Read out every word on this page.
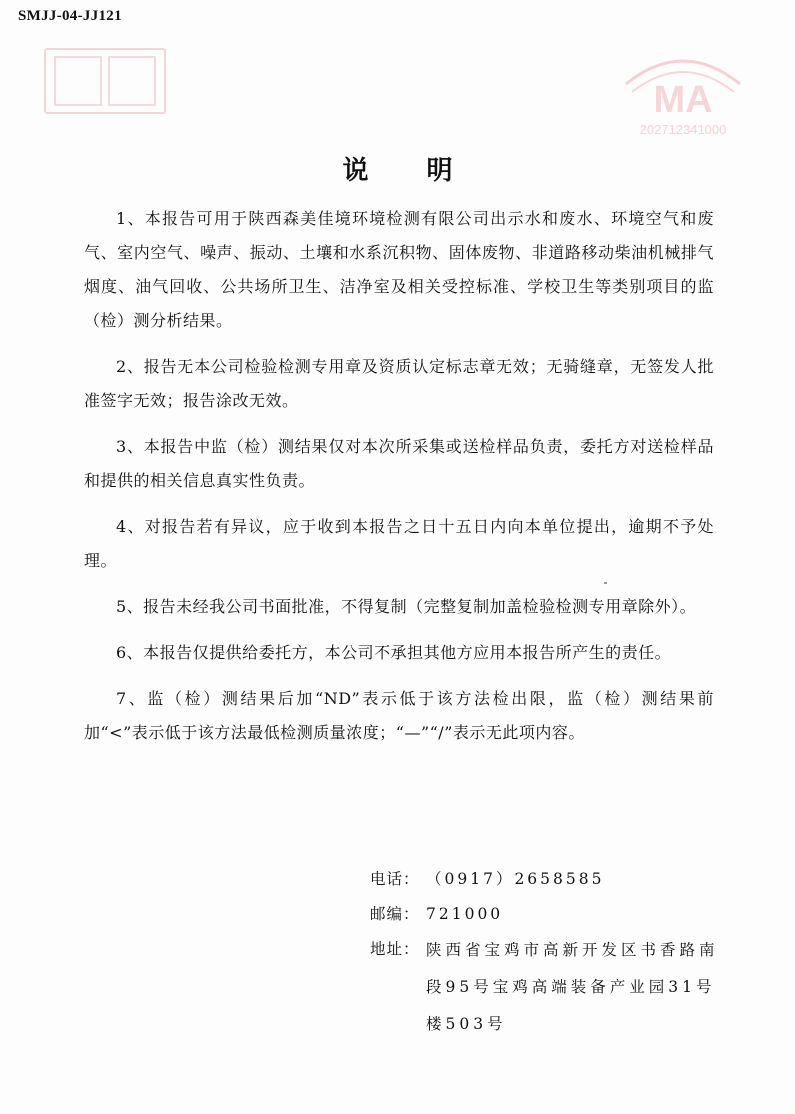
SMJJ-04-JJ121
MA
202712341000
说明

1、本报告可用于陕西森美佳境环境检测有限公司出示水和废水、环境空气和废气、室内空气、噪声、振动、土壤和水系沉积物、固体废物、非道路移动柴油机械排气烟度、油气回收、公共场所卫生、洁净室及相关受控标准、学校卫生等类别项目的监（检）测分析结果。

2、报告无本公司检验检测专用章及资质认定标志章无效；无骑缝章，无签发人批准签字无效；报告涂改无效。

3、本报告中监（检）测结果仅对本次所采集或送检样品负责，委托方对送检样品和提供的相关信息真实性负责。

4、对报告若有异议，应于收到本报告之日十五日内向本单位提出，逾期不予处理。

5、报告未经我公司书面批准，不得复制（完整复制加盖检验检测专用章除外）。

6、本报告仅提供给委托方，本公司不承担其他方应用本报告所产生的责任。

7、监（检）测结果后加“ND”表示低于该方法检出限，监（检）测结果前加“<”表示低于该方法最低检测质量浓度；“—”“/”表示无此项内容。

电话： （0917）2658585
邮编： 721000
地址： 陕西省宝鸡市高新开发区书香路南段95号宝鸡高端装备产业园31号楼503号
